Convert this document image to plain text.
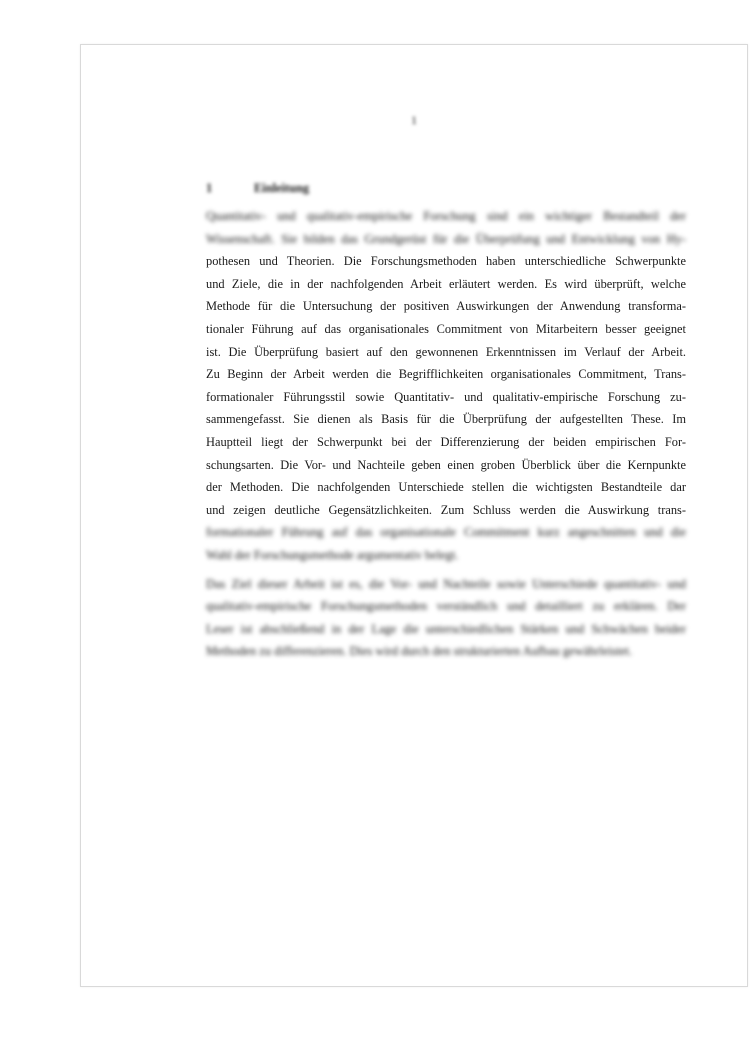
1
1	Einleitung
Quantitativ- und qualitativ-empirische Forschung sind ein wichtiger Bestandteil der
Wissenschaft. Sie bilden das Grundgerüst für die Überprüfung und Entwicklung von Hy-
pothesen und Theorien. Die Forschungsmethoden haben unterschiedliche Schwerpunkte
und Ziele, die in der nachfolgenden Arbeit erläutert werden. Es wird überprüft, welche
Methode für die Untersuchung der positiven Auswirkungen der Anwendung transforma-
tionaler Führung auf das organisationales Commitment von Mitarbeitern besser geeignet
ist. Die Überprüfung basiert auf den gewonnenen Erkenntnissen im Verlauf der Arbeit.
Zu Beginn der Arbeit werden die Begrifflichkeiten organisationales Commitment, Trans-
formationaler Führungsstil sowie Quantitativ- und qualitativ-empirische Forschung zu-
sammengefasst. Sie dienen als Basis für die Überprüfung der aufgestellten These. Im
Hauptteil liegt der Schwerpunkt bei der Differenzierung der beiden empirischen For-
schungsarten. Die Vor- und Nachteile geben einen groben Überblick über die Kernpunkte
der Methoden. Die nachfolgenden Unterschiede stellen die wichtigsten Bestandteile dar
und zeigen deutliche Gegensätzlichkeiten. Zum Schluss werden die Auswirkung trans-
formationaler Führung auf das organisationale Commitment kurz angeschnitten und die
Wahl der Forschungsmethode argumentativ belegt.
Das Ziel dieser Arbeit ist es, die Vor- und Nachteile sowie Unterschiede quantitativ- und
qualitativ-empirische Forschungsmethoden verständlich und detailliert zu erklären. Der
Leser ist abschließend in der Lage die unterschiedlichen Stärken und Schwächen beider
Methoden zu differenzieren. Dies wird durch den strukturierten Aufbau gewährleistet.
